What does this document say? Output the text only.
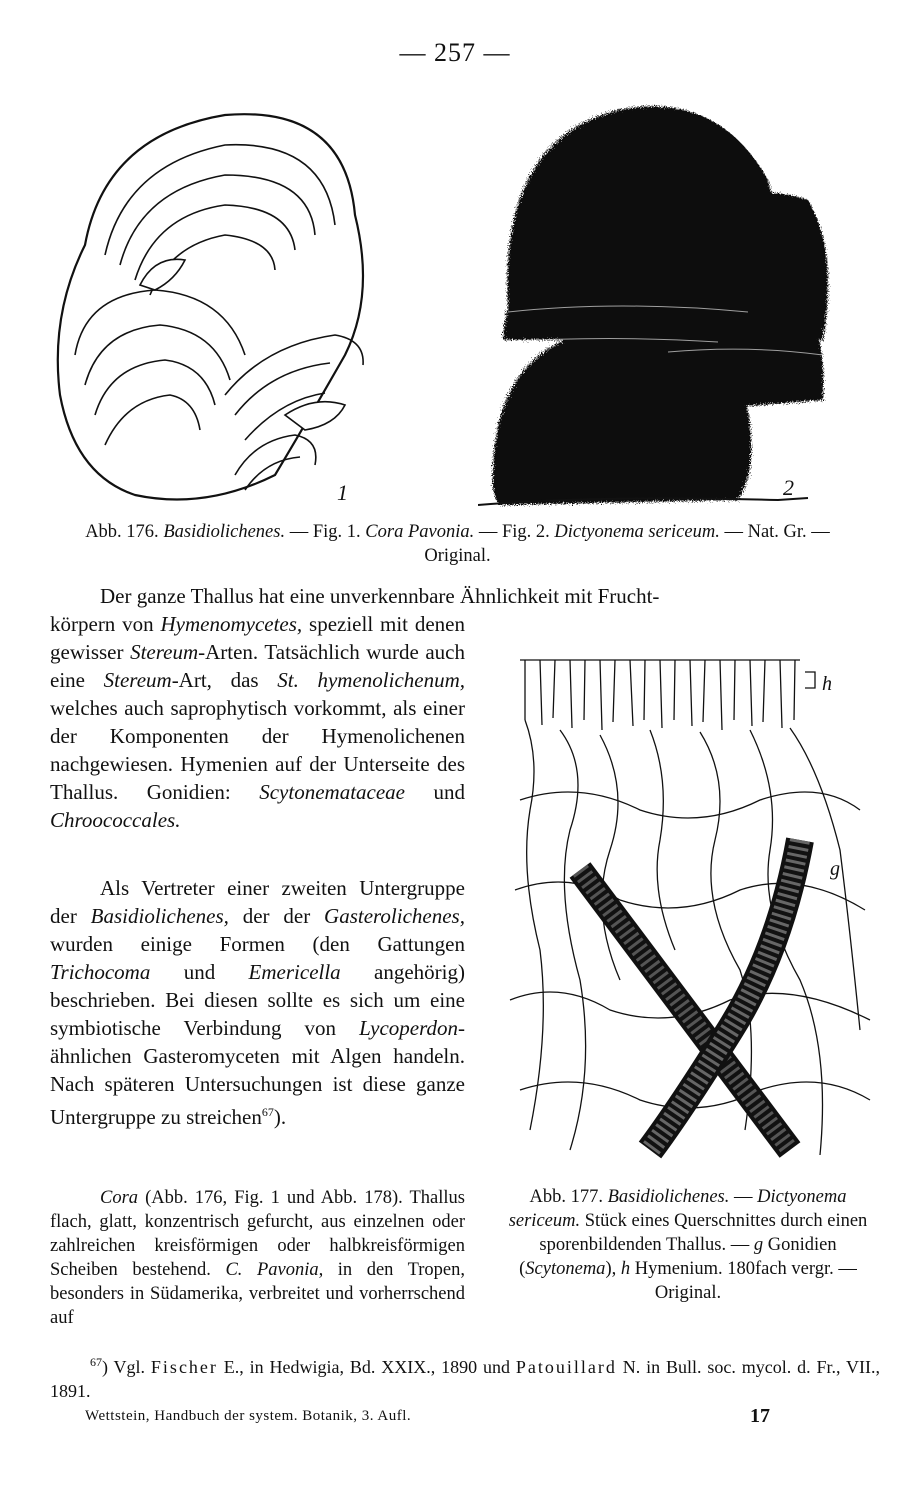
— 257 —
1	2
Abb. 176. Basidiolichenes. — Fig. 1. Cora Pavonia. — Fig. 2. Dictyonema sericeum. — Nat. Gr. — Original.
Der ganze Thallus hat eine unverkennbare Ähnlichkeit mit Frucht-

körpern von Hymenomycetes, speziell mit denen gewisser Stereum-Arten. Tatsächlich wurde auch eine Stereum-Art, das St. hymenolichenum, welches auch saprophytisch vorkommt, als einer der Komponenten der Hymenolichenen nachgewiesen. Hymenien auf der Unterseite des Thallus. Gonidien: Scytonemataceae und Chroococcales.

Als Vertreter einer zweiten Untergruppe der Basidiolichenes, der der Gasterolichenes, wurden einige Formen (den Gattungen Trichocoma und Emericella angehörig) beschrieben. Bei diesen sollte es sich um eine symbiotische Verbindung von Lycoperdon-ähnlichen Gasteromyceten mit Algen handeln. Nach späteren Untersuchungen ist diese ganze Untergruppe zu streichen$^{67}$).

h
g
Abb. 177. Basidiolichenes. — Dictyonema sericeum. Stück eines Querschnittes durch einen sporenbildenden Thallus. — g Gonidien (Scytonema), h Hymenium. 180fach vergr. — Original.

Cora (Abb. 176, Fig. 1 und Abb. 178). Thallus flach, glatt, konzentrisch gefurcht, aus einzelnen oder zahlreichen kreisförmigen oder halbkreisförmigen Scheiben bestehend. C. Pavonia, in den Tropen, besonders in Südamerika, verbreitet und vorherrschend auf

$^{67}$) Vgl. Fischer E., in Hedwigia, Bd. XXIX., 1890 und Patouillard N. in Bull. soc. mycol. d. Fr., VII., 1891.
Wettstein, Handbuch der system. Botanik, 3. Aufl.	17
